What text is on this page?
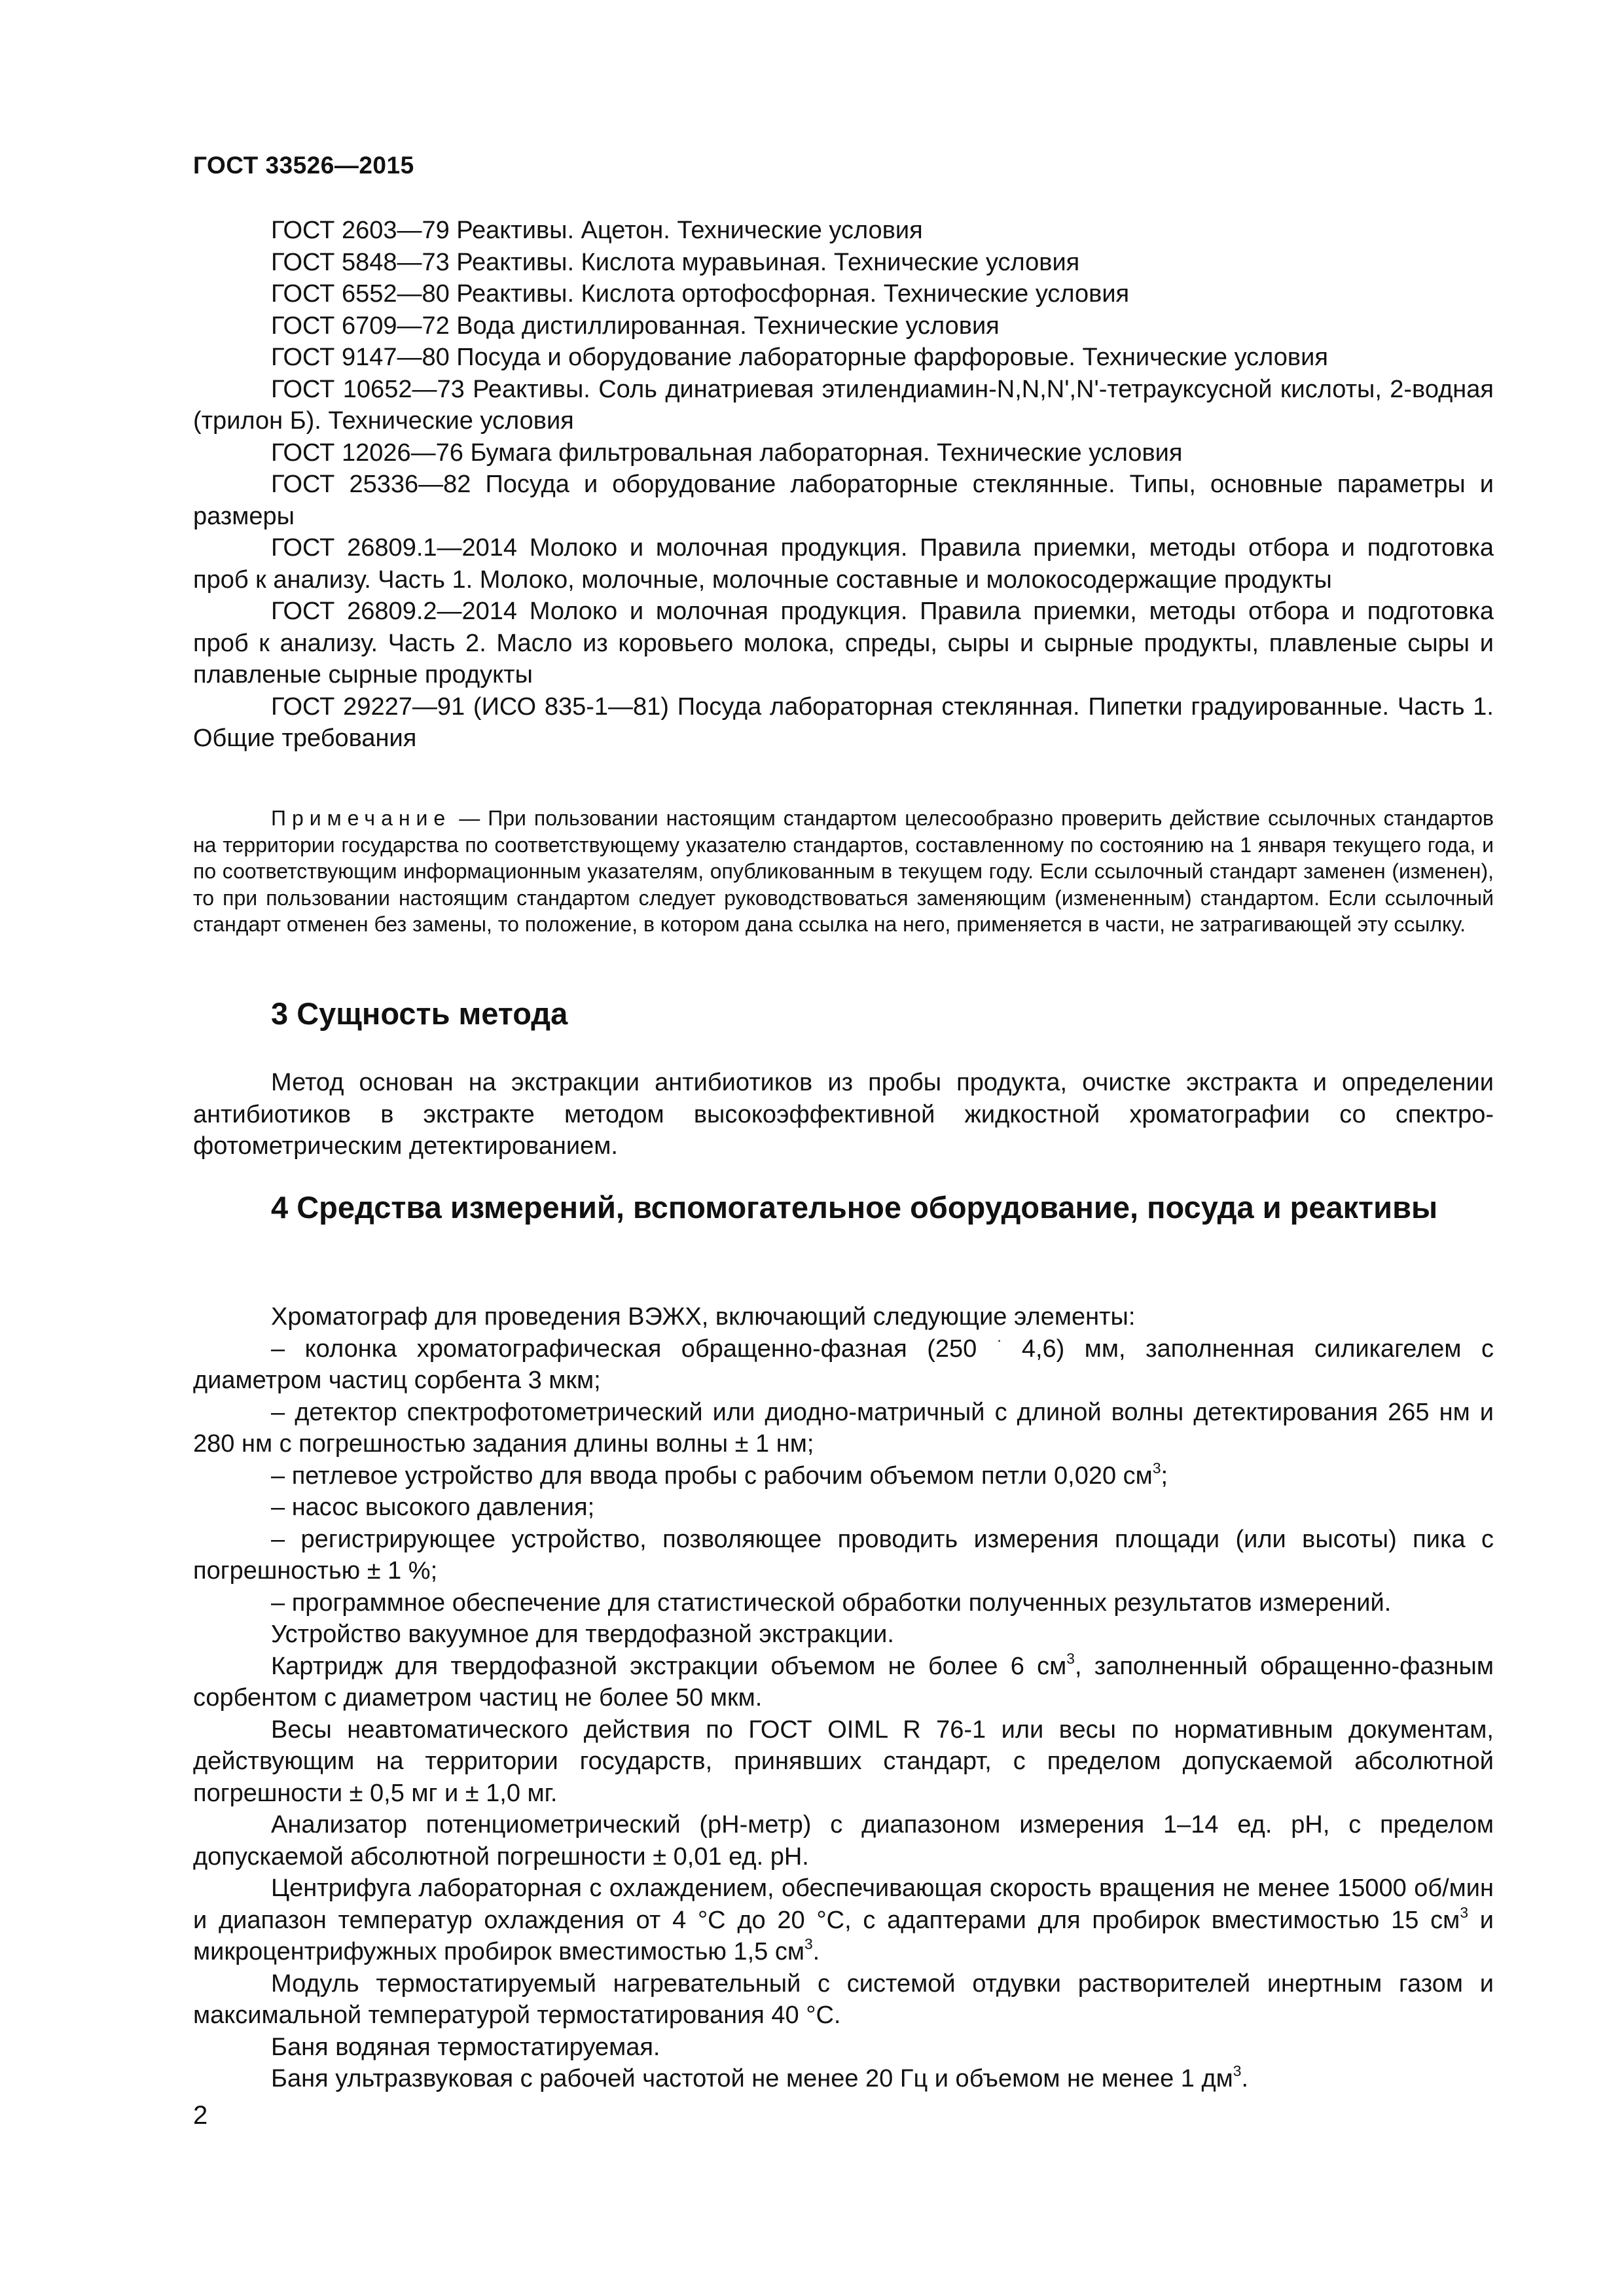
ГОСТ 33526—2015

ГОСТ 2603—79 Реактивы. Ацетон. Технические условия

ГОСТ 5848—73 Реактивы. Кислота муравьиная. Технические условия

ГОСТ 6552—80 Реактивы. Кислота ортофосфорная. Технические условия

ГОСТ 6709—72 Вода дистиллированная. Технические условия

ГОСТ 9147—80 Посуда и оборудование лабораторные фарфоровые. Технические условия

ГОСТ 10652—73 Реактивы. Соль динатриевая этилендиамин-N,N,N',N'-тетрауксусной кислоты, 2-водная (трилон Б). Технические условия

ГОСТ 12026—76 Бумага фильтровальная лабораторная. Технические условия

ГОСТ 25336—82 Посуда и оборудование лабораторные стеклянные. Типы, основные параметры и размеры

ГОСТ 26809.1—2014 Молоко и молочная продукция. Правила приемки, методы отбора и подготовка проб к анализу. Часть 1. Молоко, молочные, молочные составные и молокосодержащие продукты

ГОСТ 26809.2—2014 Молоко и молочная продукция. Правила приемки, методы отбора и подготовка проб к анализу. Часть 2. Масло из коровьего молока, спреды, сыры и сырные продукты, плавленые сыры и плавленые сырные продукты

ГОСТ 29227—91 (ИСО 835-1—81) Посуда лабораторная стеклянная. Пипетки градуированные. Часть 1. Общие требования

Примечание — При пользовании настоящим стандартом целесообразно проверить действие ссылочных стандартов на территории государства по соответствующему указателю стандартов, составленному по состоянию на 1 января текущего года, и по соответствующим информационным указателям, опубликованным в текущем году. Если ссылочный стандарт заменен (изменен), то при пользовании настоящим стандартом следует руководствоваться заменяющим (измененным) стандартом. Если ссылочный стандарт отменен без замены, то положение, в котором дана ссылка на него, применяется в части, не затрагивающей эту ссылку.

3 Сущность метода

Метод основан на экстракции антибиотиков из пробы продукта, очистке экстракта и определении антибиотиков в экстракте методом высокоэффективной жидкостной хроматографии со спектрофотометрическим детектированием.

4 Средства измерений, вспомогательное оборудование, посуда и реактивы

Хроматограф для проведения ВЭЖХ, включающий следующие элементы:

– колонка хроматографическая обращенно-фазная (250 · 4,6) мм, заполненная силикагелем с диаметром частиц сорбента 3 мкм;

– детектор спектрофотометрический или диодно-матричный с длиной волны детектирования 265 нм и 280 нм с погрешностью задания длины волны ± 1 нм;

– петлевое устройство для ввода пробы с рабочим объемом петли 0,020 $см^3$;

– насос высокого давления;

– регистрирующее устройство, позволяющее проводить измерения площади (или высоты) пика с погрешностью ± 1 %;

– программное обеспечение для статистической обработки полученных результатов измерений.

Устройство вакуумное для твердофазной экстракции.

Картридж для твердофазной экстракции объемом не более 6 $см^3$, заполненный обращенно-фазным сорбентом с диаметром частиц не более 50 мкм.

Весы неавтоматического действия по ГОСТ OIML R 76-1 или весы по нормативным документам, действующим на территории государств, принявших стандарт, с пределом допускаемой абсолютной погрешности ± 0,5 мг и ± 1,0 мг.

Анализатор потенциометрический (рН-метр) с диапазоном измерения 1–14 ед. рН, с пределом допускаемой абсолютной погрешности ± 0,01 ед. рН.

Центрифуга лабораторная с охлаждением, обеспечивающая скорость вращения не менее 15000 об/мин и диапазон температур охлаждения от 4 °С до 20 °С, с адаптерами для пробирок вместимостью 15 $см^3$ и микроцентрифужных пробирок вместимостью 1,5 $см^3$.

Модуль термостатируемый нагревательный с системой отдувки растворителей инертным газом и максимальной температурой термостатирования 40 °С.

Баня водяная термостатируемая.

Баня ультразвуковая с рабочей частотой не менее 20 Гц и объемом не менее 1 $дм^3$.

2
